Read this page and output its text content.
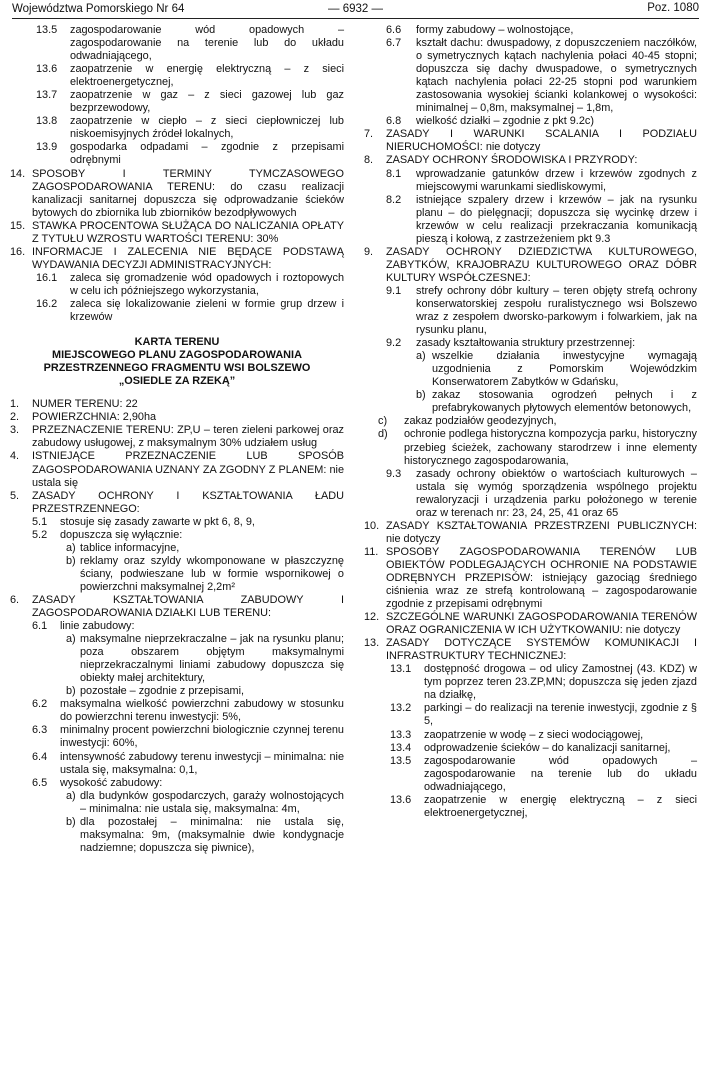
Województwa Pomorskiego Nr 64	— 6932 —	Poz. 1080

13.5 zagospodarowanie wód opadowych – zagospodarowanie na terenie lub do układu odwadniającego,

13.6 zaopatrzenie w energię elektryczną – z sieci elektroenergetycznej,

13.7 zaopatrzenie w gaz – z sieci gazowej lub gaz bezprzewodowy,

13.8 zaopatrzenie w ciepło – z sieci ciepłowniczej lub niskoemisyjnych źródeł lokalnych,

13.9 gospodarka odpadami – zgodnie z przepisami odrębnymi

14. SPOSOBY I TERMINY TYMCZASOWEGO ZAGOSPODAROWANIA TERENU: do czasu realizacji kanalizacji sanitarnej dopuszcza się odprowadzanie ścieków bytowych do zbiornika lub zbiorników bezodpływowych

15. STAWKA PROCENTOWA SŁUŻĄCA DO NALICZANIA OPŁATY Z TYTUŁU WZROSTU WARTOŚCI TERENU: 30%

16. INFORMACJE I ZALECENIA NIE BĘDĄCE PODSTAWĄ WYDAWANIA DECYZJI ADMINISTRACYJNYCH:

16.1 zaleca się gromadzenie wód opadowych i roztopowych w celu ich późniejszego wykorzystania,

16.2 zaleca się lokalizowanie zieleni w formie grup drzew i krzewów

KARTA TERENU
MIEJSCOWEGO PLANU ZAGOSPODAROWANIA
PRZESTRZENNEGO FRAGMENTU WSI BOLSZEWO
„OSIEDLE ZA RZEKĄ”

1. NUMER TERENU: 22

2. POWIERZCHNIA: 2,90ha

3. PRZEZNACZENIE TERENU: ZP,U – teren zieleni parkowej oraz zabudowy usługowej, z maksymalnym 30% udziałem usług

4. ISTNIEJĄCE PRZEZNACZENIE LUB SPOSÓB ZAGOSPODAROWANIA UZNANY ZA ZGODNY Z PLANEM: nie ustala się

5. ZASADY OCHRONY I KSZTAŁTOWANIA ŁADU PRZESTRZENNEGO:

5.1 stosuje się zasady zawarte w pkt 6, 8, 9,

5.2 dopuszcza się wyłącznie:

a) tablice informacyjne,

b) reklamy oraz szyldy wkomponowane w płaszczyznę ściany, podwieszane lub w formie wspornikowej o powierzchni maksymalnej 2,2m²

6. ZASADY KSZTAŁTOWANIA ZABUDOWY I ZAGOSPODAROWANIA DZIAŁKI LUB TERENU:

6.1 linie zabudowy:

a) maksymalne nieprzekraczalne – jak na rysunku planu; poza obszarem objętym maksymalnymi nieprzekraczalnymi liniami zabudowy dopuszcza się obiekty małej architektury,

b) pozostałe – zgodnie z przepisami,

6.2 maksymalna wielkość powierzchni zabudowy w stosunku do powierzchni terenu inwestycji: 5%,

6.3 minimalny procent powierzchni biologicznie czynnej terenu inwestycji: 60%,

6.4 intensywność zabudowy terenu inwestycji – minimalna: nie ustala się, maksymalna: 0,1,

6.5 wysokość zabudowy:

a) dla budynków gospodarczych, garaży wolnostojących – minimalna: nie ustala się, maksymalna: 4m,

b) dla pozostałej – minimalna: nie ustala się, maksymalna: 9m, (maksymalnie dwie kondygnacje nadziemne; dopuszcza się piwnice),

6.6 formy zabudowy – wolnostojące,

6.7 kształt dachu: dwuspadowy, z dopuszczeniem naczółków, o symetrycznych kątach nachylenia połaci 40-45 stopni; dopuszcza się dachy dwuspadowe, o symetrycznych kątach nachylenia połaci 22-25 stopni pod warunkiem zastosowania wysokiej ścianki kolankowej o wysokości: minimalnej – 0,8m, maksymalnej – 1,8m,

6.8 wielkość działki – zgodnie z pkt 9.2c)

7. ZASADY I WARUNKI SCALANIA I PODZIAŁU NIERUCHOMOŚCI: nie dotyczy

8. ZASADY OCHRONY ŚRODOWISKA I PRZYRODY:

8.1 wprowadzanie gatunków drzew i krzewów zgodnych z miejscowymi warunkami siedliskowymi,

8.2 istniejące szpalery drzew i krzewów – jak na rysunku planu – do pielęgnacji; dopuszcza się wycinkę drzew i krzewów w celu realizacji przekraczania komunikacją pieszą i kołową, z zastrzeżeniem pkt 9.3

9. ZASADY OCHRONY DZIEDZICTWA KULTUROWEGO, ZABYTKÓW, KRAJOBRAZU KULTUROWEGO ORAZ DÓBR KULTURY WSPÓŁCZESNEJ:

9.1 strefy ochrony dóbr kultury – teren objęty strefą ochrony konserwatorskiej zespołu ruralistycznego wsi Bolszewo wraz z zespołem dworsko-parkowym i folwarkiem, jak na rysunku planu,

9.2 zasady kształtowania struktury przestrzennej:

a) wszelkie działania inwestycyjne wymagają uzgodnienia z Pomorskim Wojewódzkim Konserwatorem Zabytków w Gdańsku,

b) zakaz stosowania ogrodzeń pełnych i z prefabrykowanych płytowych elementów betonowych,

c) zakaz podziałów geodezyjnych,

d) ochronie podlega historyczna kompozycja parku, historyczny przebieg ścieżek, zachowany starodrzew i inne elementy historycznego zagospodarowania,

9.3 zasady ochrony obiektów o wartościach kulturowych – ustala się wymóg sporządzenia wspólnego projektu rewaloryzacji i urządzenia parku położonego w terenie oraz w terenach nr: 23, 24, 25, 41 oraz 65

10. ZASADY KSZTAŁTOWANIA PRZESTRZENI PUBLICZNYCH: nie dotyczy

11. SPOSOBY ZAGOSPODAROWANIA TERENÓW LUB OBIEKTÓW PODLEGAJĄCYCH OCHRONIE NA PODSTAWIE ODRĘBNYCH PRZEPISÓW: istniejący gazociąg średniego ciśnienia wraz ze strefą kontrolowaną – zagospodarowanie zgodnie z przepisami odrębnymi

12. SZCZEGÓLNE WARUNKI ZAGOSPODAROWANIA TERENÓW ORAZ OGRANICZENIA W ICH UŻYTKOWANIU: nie dotyczy

13. ZASADY DOTYCZĄCE SYSTEMÓW KOMUNIKACJI I INFRASTRUKTURY TECHNICZNEJ:

13.1 dostępność drogowa – od ulicy Zamostnej (43. KDZ) w tym poprzez teren 23.ZP,MN; dopuszcza się jeden zjazd na działkę,

13.2 parkingi – do realizacji na terenie inwestycji, zgodnie z § 5,

13.3 zaopatrzenie w wodę – z sieci wodociągowej,

13.4 odprowadzenie ścieków – do kanalizacji sanitarnej,

13.5 zagospodarowanie wód opadowych – zagospodarowanie na terenie lub do układu odwadniającego,

13.6 zaopatrzenie w energię elektryczną – z sieci elektroenergetycznej,
